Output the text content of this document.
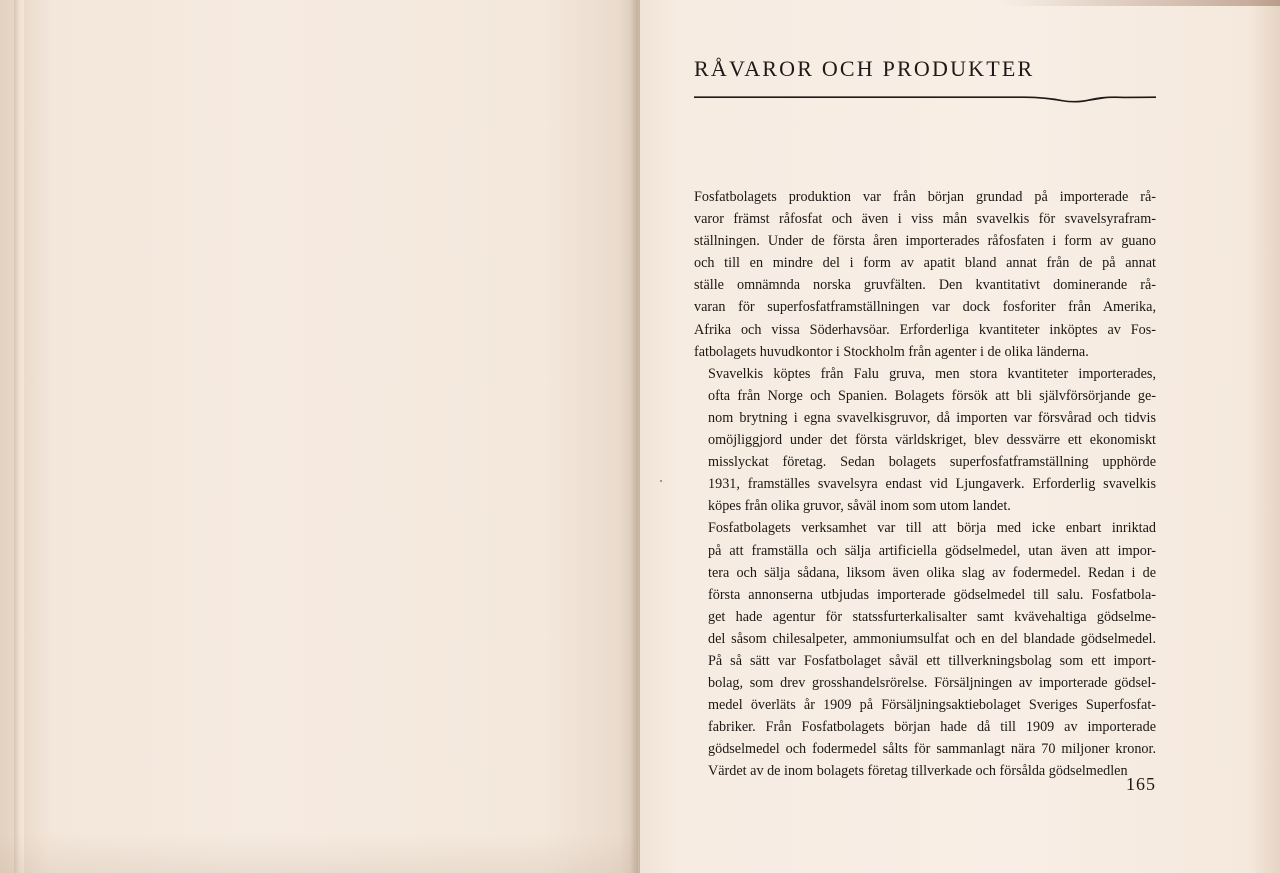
RÅVAROR OCH PRODUKTER

Fosfatbolagets produktion var från början grundad på importerade rå-
varor främst råfosfat och även i viss mån svavelkis för svavelsyrafram-
ställningen. Under de första åren importerades råfosfaten i form av guano
och till en mindre del i form av apatit bland annat från de på annat
ställe omnämnda norska gruvfälten. Den kvantitativt dominerande rå-
varan för superfosfatframställningen var dock fosforiter från Amerika,
Afrika och vissa Söderhavsöar. Erforderliga kvantiteter inköptes av Fos-
fatbolagets huvudkontor i Stockholm från agenter i de olika länderna.

Svavelkis köptes från Falu gruva, men stora kvantiteter importerades,
ofta från Norge och Spanien. Bolagets försök att bli självförsörjande ge-
nom brytning i egna svavelkisgruvor, då importen var försvårad och tidvis
omöjliggjord under det första världskriget, blev dessvärre ett ekonomiskt
misslyckat företag. Sedan bolagets superfosfatframställning upphörde
1931, framställes svavelsyra endast vid Ljungaverk. Erforderlig svavelkis
köpes från olika gruvor, såväl inom som utom landet.

Fosfatbolagets verksamhet var till att börja med icke enbart inriktad
på att framställa och sälja artificiella gödselmedel, utan även att impor-
tera och sälja sådana, liksom även olika slag av fodermedel. Redan i de
första annonserna utbjudas importerade gödselmedel till salu. Fosfatbola-
get hade agentur för statssfurterkalisalter samt kvävehaltiga gödselme-
del såsom chilesalpeter, ammoniumsulfat och en del blandade gödselmedel.
På så sätt var Fosfatbolaget såväl ett tillverkningsbolag som ett import-
bolag, som drev grosshandelsrörelse. Försäljningen av importerade gödsel-
medel överläts år 1909 på Försäljningsaktiebolaget Sveriges Superfosfat-
fabriker. Från Fosfatbolagets början hade då till 1909 av importerade
gödselmedel och fodermedel sålts för sammanlagt nära 70 miljoner kronor.
Värdet av de inom bolagets företag tillverkade och försålda gödselmedlen

165
